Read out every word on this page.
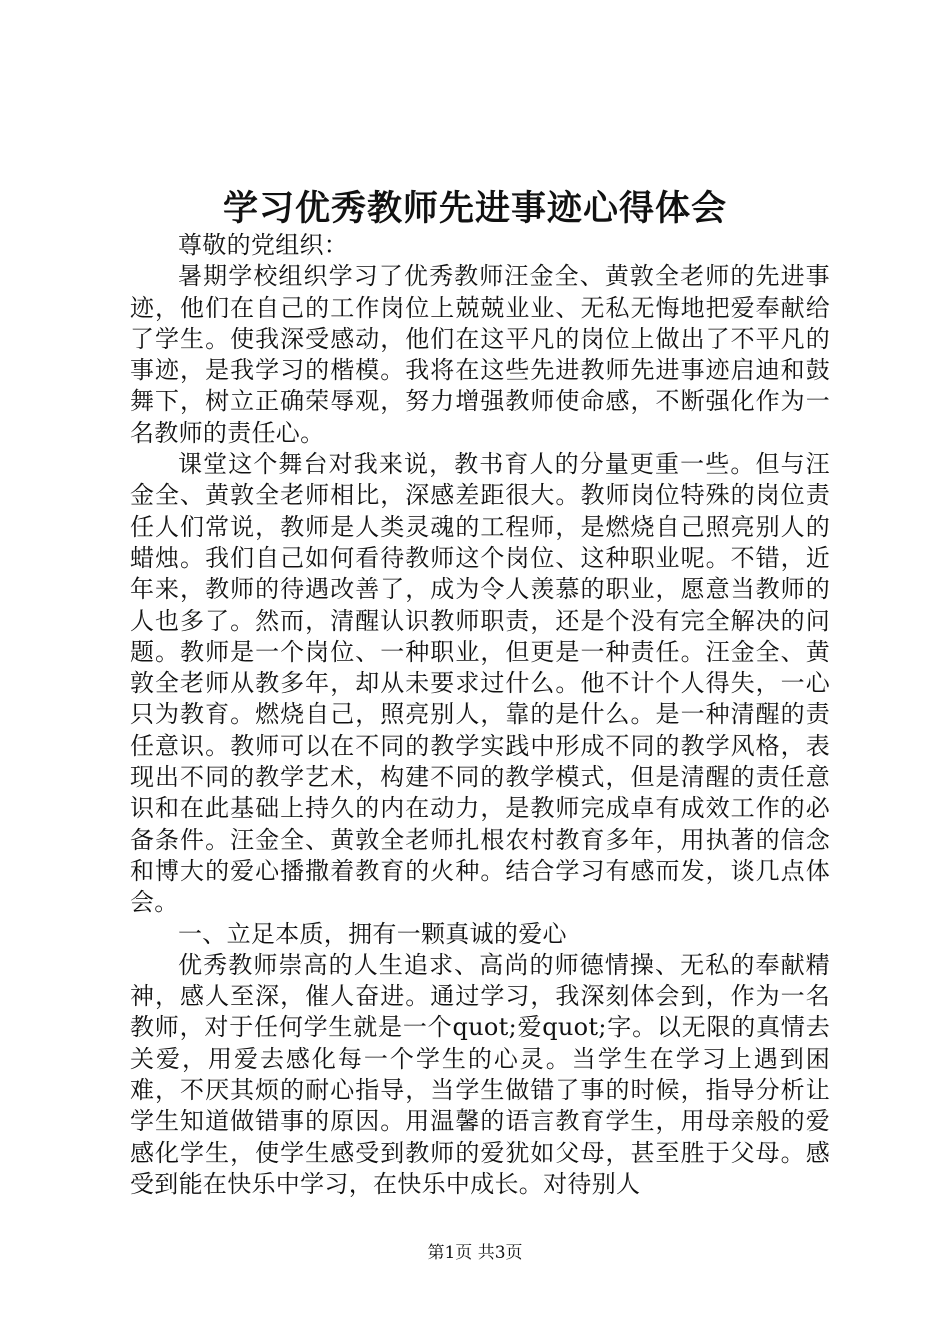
学习优秀教师先进事迹心得体会

尊敬的党组织：

暑期学校组织学习了优秀教师汪金全、黄敦全老师的先进事迹，他们在自己的工作岗位上兢兢业业、无私无悔地把爱奉献给了学生。使我深受感动，他们在这平凡的岗位上做出了不平凡的事迹，是我学习的楷模。我将在这些先进教师先进事迹启迪和鼓舞下，树立正确荣辱观，努力增强教师使命感，不断强化作为一名教师的责任心。

课堂这个舞台对我来说，教书育人的分量更重一些。但与汪金全、黄敦全老师相比，深感差距很大。教师岗位特殊的岗位责任人们常说，教师是人类灵魂的工程师，是燃烧自己照亮别人的蜡烛。我们自己如何看待教师这个岗位、这种职业呢。不错，近年来，教师的待遇改善了，成为令人羡慕的职业，愿意当教师的人也多了。然而，清醒认识教师职责，还是个没有完全解决的问题。教师是一个岗位、一种职业，但更是一种责任。汪金全、黄敦全老师从教多年，却从未要求过什么。他不计个人得失，一心只为教育。燃烧自己，照亮别人，靠的是什么。是一种清醒的责任意识。教师可以在不同的教学实践中形成不同的教学风格，表现出不同的教学艺术，构建不同的教学模式，但是清醒的责任意识和在此基础上持久的内在动力，是教师完成卓有成效工作的必备条件。汪金全、黄敦全老师扎根农村教育多年，用执著的信念和博大的爱心播撒着教育的火种。结合学习有感而发，谈几点体会。

一、立足本质，拥有一颗真诚的爱心

优秀教师崇高的人生追求、高尚的师德情操、无私的奉献精神，感人至深，催人奋进。通过学习，我深刻体会到，作为一名教师，对于任何学生就是一个quot;爱quot;字。以无限的真情去关爱，用爱去感化每一个学生的心灵。当学生在学习上遇到困难，不厌其烦的耐心指导，当学生做错了事的时候，指导分析让学生知道做错事的原因。用温馨的语言教育学生，用母亲般的爱感化学生，使学生感受到教师的爱犹如父母，甚至胜于父母。感受到能在快乐中学习，在快乐中成长。对待别人

第1页 共3页
